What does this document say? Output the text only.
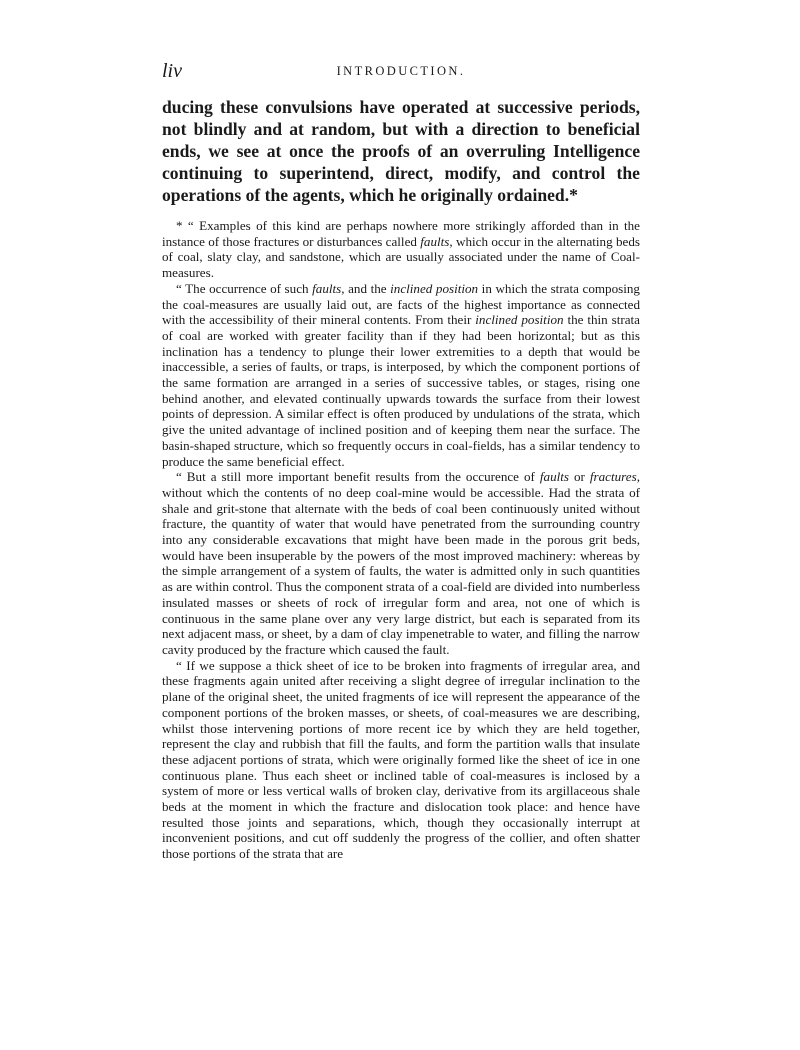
liv	INTRODUCTION.
ducing these convulsions have operated at successive periods,
not blindly and at random, but with a direction to beneficial
ends, we see at once the proofs of an overruling Intelligence
continuing to superintend, direct, modify, and control the
operations of the agents, which he originally ordained.*

* “ Examples of this kind are perhaps nowhere more strikingly afforded than in the instance of those fractures or disturbances called faults, which occur in the alternating beds of coal, slaty clay, and sandstone, which are usually associated under the name of Coal-measures.

“ The occurrence of such faults, and the inclined position in which the strata composing the coal-measures are usually laid out, are facts of the highest importance as connected with the accessibility of their mineral contents. From their inclined position the thin strata of coal are worked with greater facility than if they had been horizontal; but as this inclination has a tendency to plunge their lower extremities to a depth that would be inaccessible, a series of faults, or traps, is interposed, by which the component portions of the same formation are arranged in a series of successive tables, or stages, rising one behind another, and elevated continually upwards towards the surface from their lowest points of depression. A similar effect is often produced by undulations of the strata, which give the united advantage of inclined position and of keeping them near the surface. The basin-shaped structure, which so frequently occurs in coal-fields, has a similar tendency to produce the same beneficial effect.

“ But a still more important benefit results from the occurence of faults or fractures, without which the contents of no deep coal-mine would be accessible. Had the strata of shale and grit-stone that alternate with the beds of coal been continuously united without fracture, the quantity of water that would have penetrated from the surrounding country into any considerable excavations that might have been made in the porous grit beds, would have been insuperable by the powers of the most improved machinery: whereas by the simple arrangement of a system of faults, the water is admitted only in such quantities as are within control. Thus the component strata of a coal-field are divided into numberless insulated masses or sheets of rock of irregular form and area, not one of which is continuous in the same plane over any very large district, but each is separated from its next adjacent mass, or sheet, by a dam of clay impenetrable to water, and filling the narrow cavity produced by the fracture which caused the fault.

“ If we suppose a thick sheet of ice to be broken into fragments of irregular area, and these fragments again united after receiving a slight degree of irregular inclination to the plane of the original sheet, the united fragments of ice will represent the appearance of the component portions of the broken masses, or sheets, of coal-measures we are describing, whilst those intervening portions of more recent ice by which they are held together, represent the clay and rubbish that fill the faults, and form the partition walls that insulate these adjacent portions of strata, which were originally formed like the sheet of ice in one continuous plane. Thus each sheet or inclined table of coal-measures is inclosed by a system of more or less vertical walls of broken clay, derivative from its argillaceous shale beds at the moment in which the fracture and dislocation took place: and hence have resulted those joints and separations, which, though they occasionally interrupt at inconvenient positions, and cut off suddenly the progress of the collier, and often shatter those portions of the strata that are
